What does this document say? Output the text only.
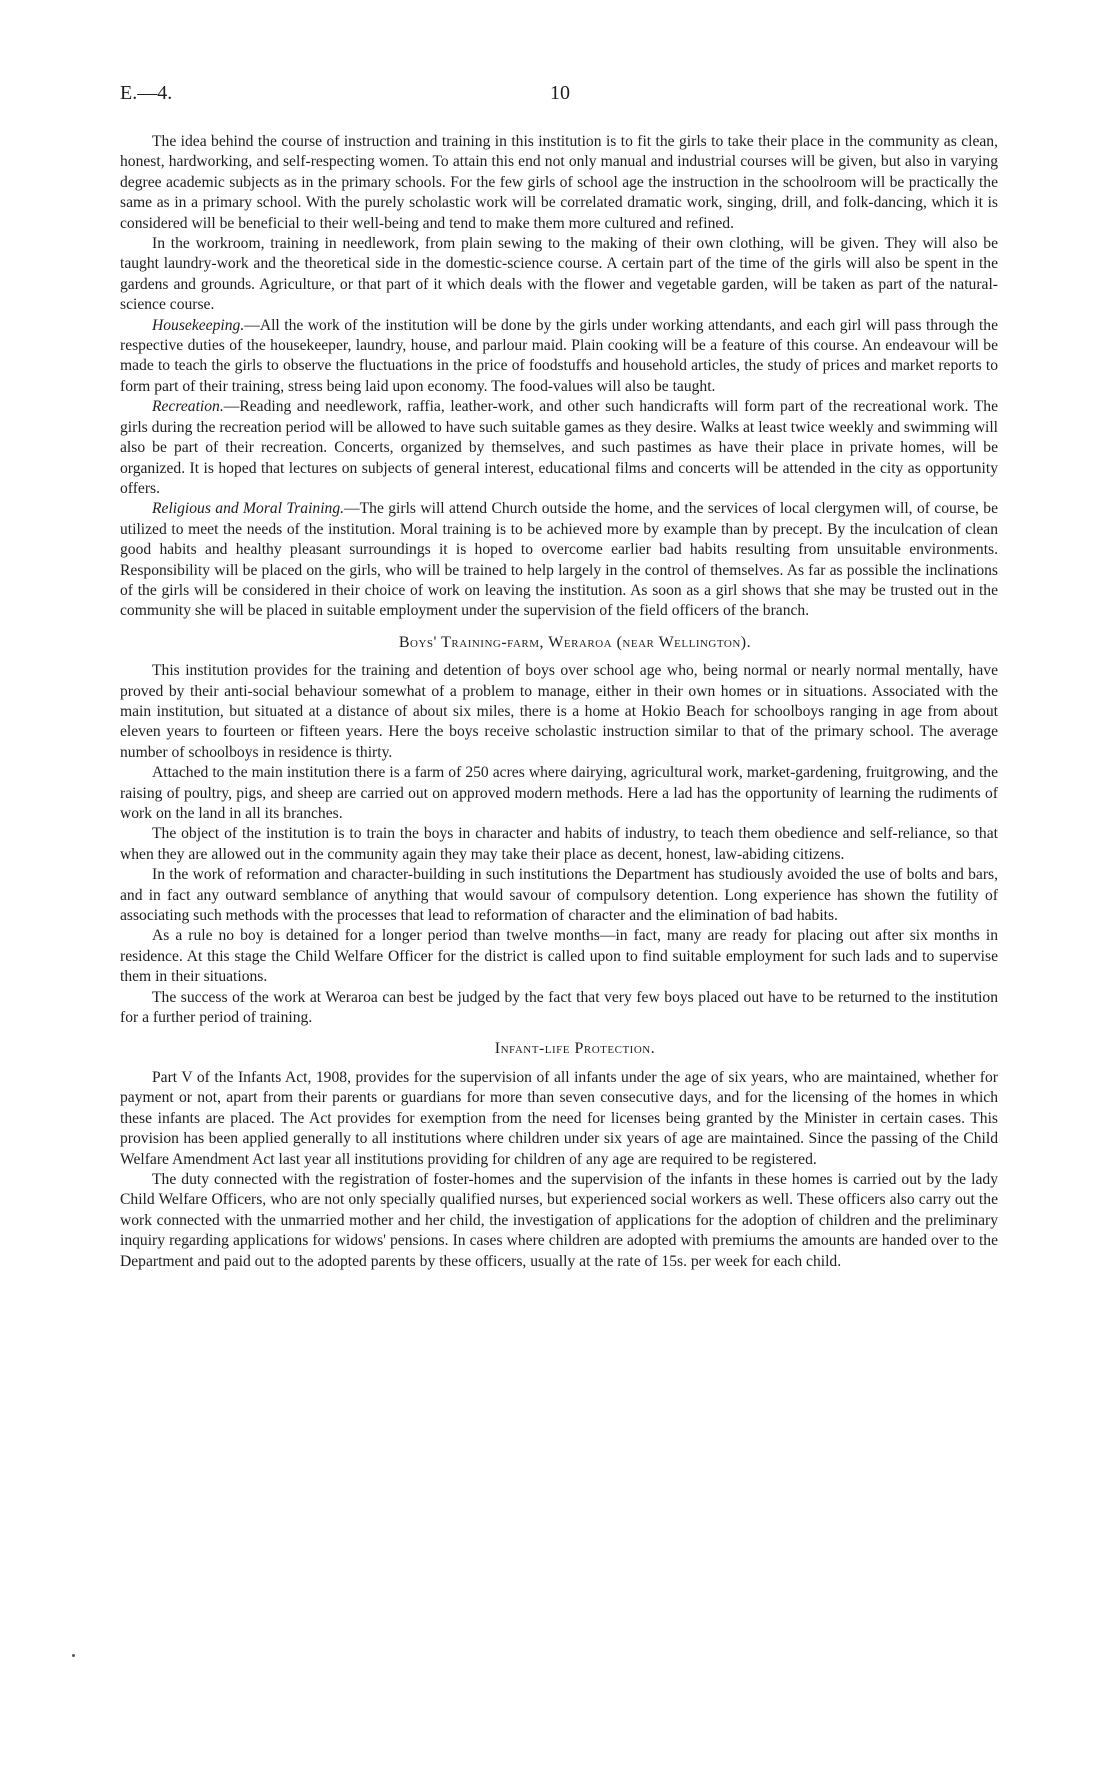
E.—4.	10

The idea behind the course of instruction and training in this institution is to fit the girls to take their place in the community as clean, honest, hardworking, and self-respecting women. To attain this end not only manual and industrial courses will be given, but also in varying degree academic subjects as in the primary schools. For the few girls of school age the instruction in the schoolroom will be practically the same as in a primary school. With the purely scholastic work will be correlated dramatic work, singing, drill, and folk-dancing, which it is considered will be beneficial to their well-being and tend to make them more cultured and refined.

In the workroom, training in needlework, from plain sewing to the making of their own clothing, will be given. They will also be taught laundry-work and the theoretical side in the domestic-science course. A certain part of the time of the girls will also be spent in the gardens and grounds. Agriculture, or that part of it which deals with the flower and vegetable garden, will be taken as part of the natural-science course.

Housekeeping.—All the work of the institution will be done by the girls under working attendants, and each girl will pass through the respective duties of the housekeeper, laundry, house, and parlour maid. Plain cooking will be a feature of this course. An endeavour will be made to teach the girls to observe the fluctuations in the price of foodstuffs and household articles, the study of prices and market reports to form part of their training, stress being laid upon economy. The food-values will also be taught.

Recreation.—Reading and needlework, raffia, leather-work, and other such handicrafts will form part of the recreational work. The girls during the recreation period will be allowed to have such suitable games as they desire. Walks at least twice weekly and swimming will also be part of their recreation. Concerts, organized by themselves, and such pastimes as have their place in private homes, will be organized. It is hoped that lectures on subjects of general interest, educational films and concerts will be attended in the city as opportunity offers.

Religious and Moral Training.—The girls will attend Church outside the home, and the services of local clergymen will, of course, be utilized to meet the needs of the institution. Moral training is to be achieved more by example than by precept. By the inculcation of clean good habits and healthy pleasant surroundings it is hoped to overcome earlier bad habits resulting from unsuitable environments. Responsibility will be placed on the girls, who will be trained to help largely in the control of themselves. As far as possible the inclinations of the girls will be considered in their choice of work on leaving the institution. As soon as a girl shows that she may be trusted out in the community she will be placed in suitable employment under the supervision of the field officers of the branch.

Boys' Training-farm, Weraroa (near Wellington).

This institution provides for the training and detention of boys over school age who, being normal or nearly normal mentally, have proved by their anti-social behaviour somewhat of a problem to manage, either in their own homes or in situations. Associated with the main institution, but situated at a distance of about six miles, there is a home at Hokio Beach for schoolboys ranging in age from about eleven years to fourteen or fifteen years. Here the boys receive scholastic instruction similar to that of the primary school. The average number of schoolboys in residence is thirty.

Attached to the main institution there is a farm of 250 acres where dairying, agricultural work, market-gardening, fruitgrowing, and the raising of poultry, pigs, and sheep are carried out on approved modern methods. Here a lad has the opportunity of learning the rudiments of work on the land in all its branches.

The object of the institution is to train the boys in character and habits of industry, to teach them obedience and self-reliance, so that when they are allowed out in the community again they may take their place as decent, honest, law-abiding citizens.

In the work of reformation and character-building in such institutions the Department has studiously avoided the use of bolts and bars, and in fact any outward semblance of anything that would savour of compulsory detention. Long experience has shown the futility of associating such methods with the processes that lead to reformation of character and the elimination of bad habits.

As a rule no boy is detained for a longer period than twelve months—in fact, many are ready for placing out after six months in residence. At this stage the Child Welfare Officer for the district is called upon to find suitable employment for such lads and to supervise them in their situations.

The success of the work at Weraroa can best be judged by the fact that very few boys placed out have to be returned to the institution for a further period of training.

Infant-life Protection.

Part V of the Infants Act, 1908, provides for the supervision of all infants under the age of six years, who are maintained, whether for payment or not, apart from their parents or guardians for more than seven consecutive days, and for the licensing of the homes in which these infants are placed. The Act provides for exemption from the need for licenses being granted by the Minister in certain cases. This provision has been applied generally to all institutions where children under six years of age are maintained. Since the passing of the Child Welfare Amendment Act last year all institutions providing for children of any age are required to be registered.

The duty connected with the registration of foster-homes and the supervision of the infants in these homes is carried out by the lady Child Welfare Officers, who are not only specially qualified nurses, but experienced social workers as well. These officers also carry out the work connected with the unmarried mother and her child, the investigation of applications for the adoption of children and the preliminary inquiry regarding applications for widows' pensions. In cases where children are adopted with premiums the amounts are handed over to the Department and paid out to the adopted parents by these officers, usually at the rate of 15s. per week for each child.
